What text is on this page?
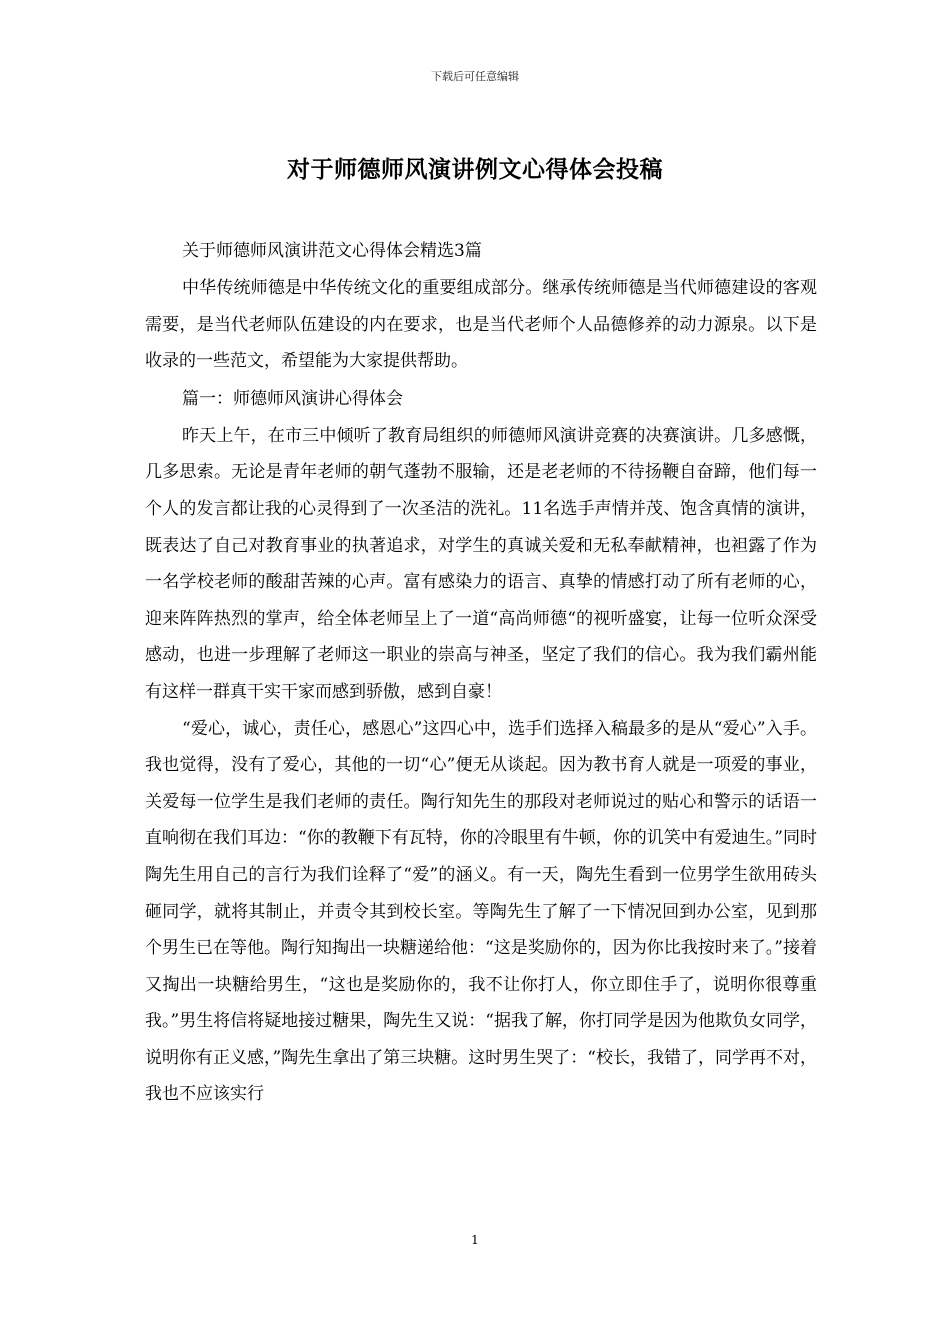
下载后可任意编辑
对于师德师风演讲例文心得体会投稿

关于师德师风演讲范文心得体会精选3篇

中华传统师德是中华传统文化的重要组成部分。继承传统师德是当代师德建设的客观需要，是当代老师队伍建设的内在要求，也是当代老师个人品德修养的动力源泉。以下是收录的一些范文，希望能为大家提供帮助。

篇一：师德师风演讲心得体会

昨天上午，在市三中倾听了教育局组织的师德师风演讲竞赛的决赛演讲。几多感慨，几多思索。无论是青年老师的朝气蓬勃不服输，还是老老师的不待扬鞭自奋蹄，他们每一个人的发言都让我的心灵得到了一次圣洁的洗礼。11名选手声情并茂、饱含真情的演讲，既表达了自己对教育事业的执著追求，对学生的真诚关爱和无私奉献精神，也袒露了作为一名学校老师的酸甜苦辣的心声。富有感染力的语言、真挚的情感打动了所有老师的心，迎来阵阵热烈的掌声，给全体老师呈上了一道“高尚师德“的视听盛宴，让每一位听众深受感动，也进一步理解了老师这一职业的崇高与神圣，坚定了我们的信心。我为我们霸州能有这样一群真干实干家而感到骄傲，感到自豪！

“爱心，诚心，责任心，感恩心”这四心中，选手们选择入稿最多的是从“爱心”入手。我也觉得，没有了爱心，其他的一切“心”便无从谈起。因为教书育人就是一项爱的事业，关爱每一位学生是我们老师的责任。陶行知先生的那段对老师说过的贴心和警示的话语一直响彻在我们耳边：“你的教鞭下有瓦特，你的冷眼里有牛顿，你的讥笑中有爱迪生。”同时陶先生用自己的言行为我们诠释了“爱”的涵义。有一天，陶先生看到一位男学生欲用砖头砸同学，就将其制止，并责令其到校长室。等陶先生了解了一下情况回到办公室，见到那个男生已在等他。陶行知掏出一块糖递给他：“这是奖励你的，因为你比我按时来了。”接着又掏出一块糖给男生，“这也是奖励你的，我不让你打人，你立即住手了，说明你很尊重我。”男生将信将疑地接过糖果，陶先生又说：“据我了解，你打同学是因为他欺负女同学，说明你有正义感，”陶先生拿出了第三块糖。这时男生哭了：“校长，我错了，同学再不对，我也不应该实行

1
